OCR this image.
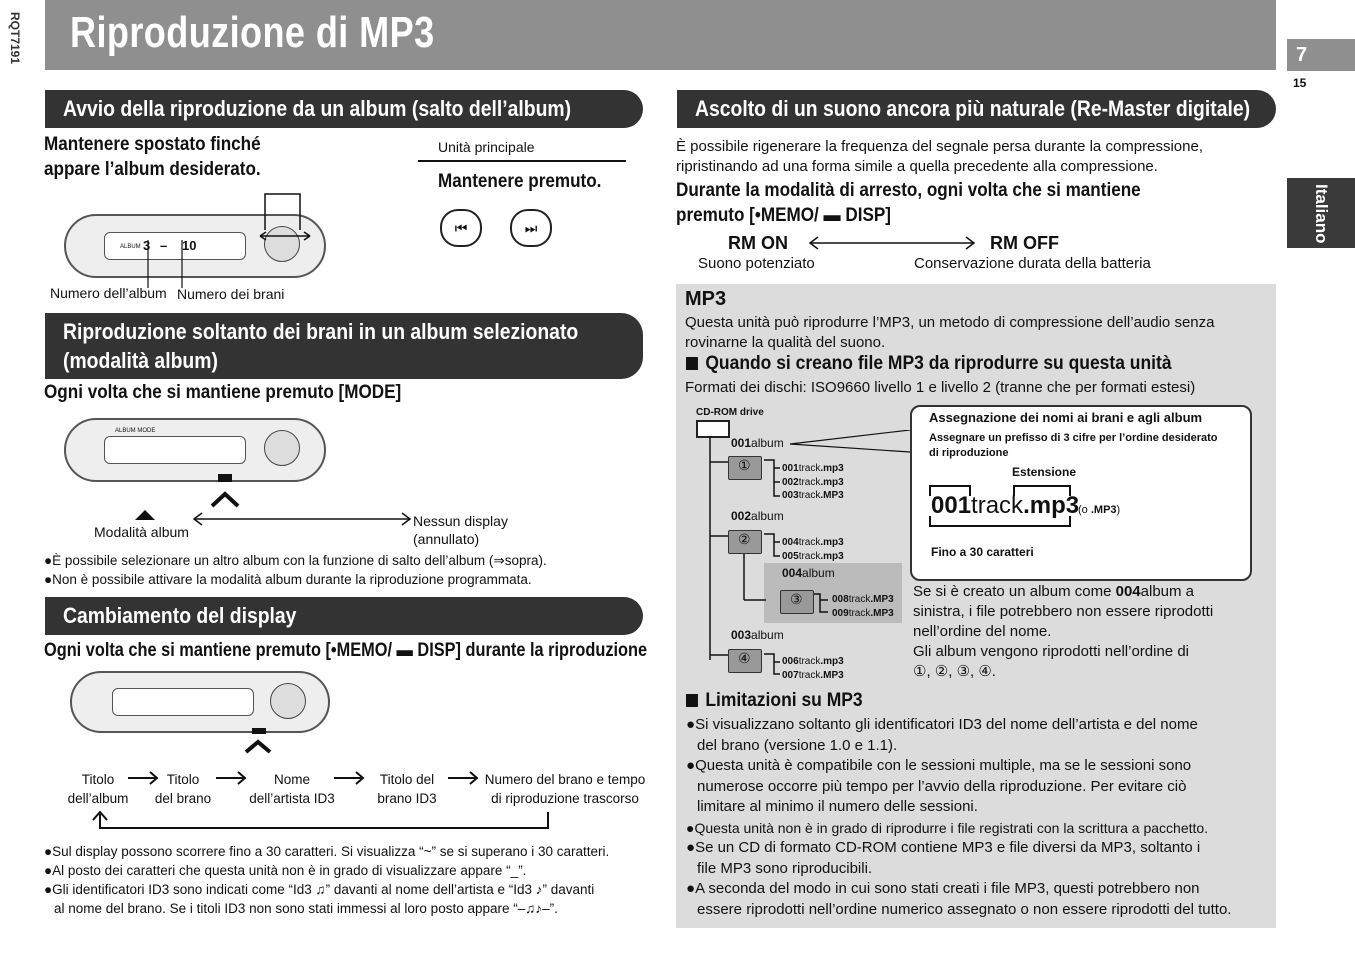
Riproduzione di MP3
RQT7191	7
15
Italiano
Avvio della riproduzione da un album (salto dell’album)
Mantenere spostato finché
appare l’album desiderato.
Unità principale
Mantenere premuto.
⏮	⏭
ALBUM 3 – 10
Numero dell’album Numero dei brani
Riproduzione soltanto dei brani in un album selezionato
(modalità album)
Ogni volta che si mantiene premuto [MODE]
ALBUM MODE
Modalità album
Nessun display
(annullato)
●È possibile selezionare un altro album con la funzione di salto dell’album (⇒sopra).
●Non è possibile attivare la modalità album durante la riproduzione programmata.
Cambiamento del display
Ogni volta che si mantiene premuto [•MEMO/ ▬ DISP] durante la riproduzione
Titolo
dell’album
Titolo
del brano
Nome
dell’artista ID3
Titolo del
brano ID3
Numero del brano e tempo
di riproduzione trascorso
●Sul display possono scorrere fino a 30 caratteri. Si visualizza “~” se si superano i 30 caratteri.
●Al posto dei caratteri che questa unità non è in grado di visualizzare appare “_”.
●Gli identificatori ID3 sono indicati come “Id3 ♫” davanti al nome dell’artista e “Id3 ♪” davanti
al nome del brano. Se i titoli ID3 non sono stati immessi al loro posto appare “–♫♪–”.
Ascolto di un suono ancora più naturale (Re-Master digitale)
È possibile rigenerare la frequenza del segnale persa durante la compressione,
ripristinando ad una forma simile a quella precedente alla compressione.
Durante la modalità di arresto, ogni volta che si mantiene
premuto [•MEMO/ ▬ DISP]
RM ON	RM OFF
Suono potenziato	Conservazione durata della batteria
MP3
Questa unità può riprodurre l’MP3, un metodo di compressione dell’audio senza
rovinarne la qualità del suono.
Quando si creano file MP3 da riprodurre su questa unità
Formati dei dischi: ISO9660 livello 1 e livello 2 (tranne che per formati estesi)
CD-ROM drive
001album
①	001track.mp3
002track.mp3
003track.MP3
002album
②	004track.mp3
005track.mp3
004album
③	008track.MP3
009track.MP3
003album
④	006track.mp3
007track.MP3
Assegnazione dei nomi ai brani e agli album
Assegnare un prefisso di 3 cifre per l’ordine desiderato
di riproduzione
Estensione
001track.mp3
(o .MP3)
Fino a 30 caratteri
Se si è creato un album come 004album a
sinistra, i file potrebbero non essere riprodotti
nell’ordine del nome.
Gli album vengono riprodotti nell’ordine di
①, ②, ③, ④.
Limitazioni su MP3
●Si visualizzano soltanto gli identificatori ID3 del nome dell’artista e del nome
del brano (versione 1.0 e 1.1).
●Questa unità è compatibile con le sessioni multiple, ma se le sessioni sono
numerose occorre più tempo per l’avvio della riproduzione. Per evitare ciò
limitare al minimo il numero delle sessioni.
●Questa unità non è in grado di riprodurre i file registrati con la scrittura a pacchetto.
●Se un CD di formato CD-ROM contiene MP3 e file diversi da MP3, soltanto i
file MP3 sono riproducibili.
●A seconda del modo in cui sono stati creati i file MP3, questi potrebbero non
essere riprodotti nell’ordine numerico assegnato o non essere riprodotti del tutto.
